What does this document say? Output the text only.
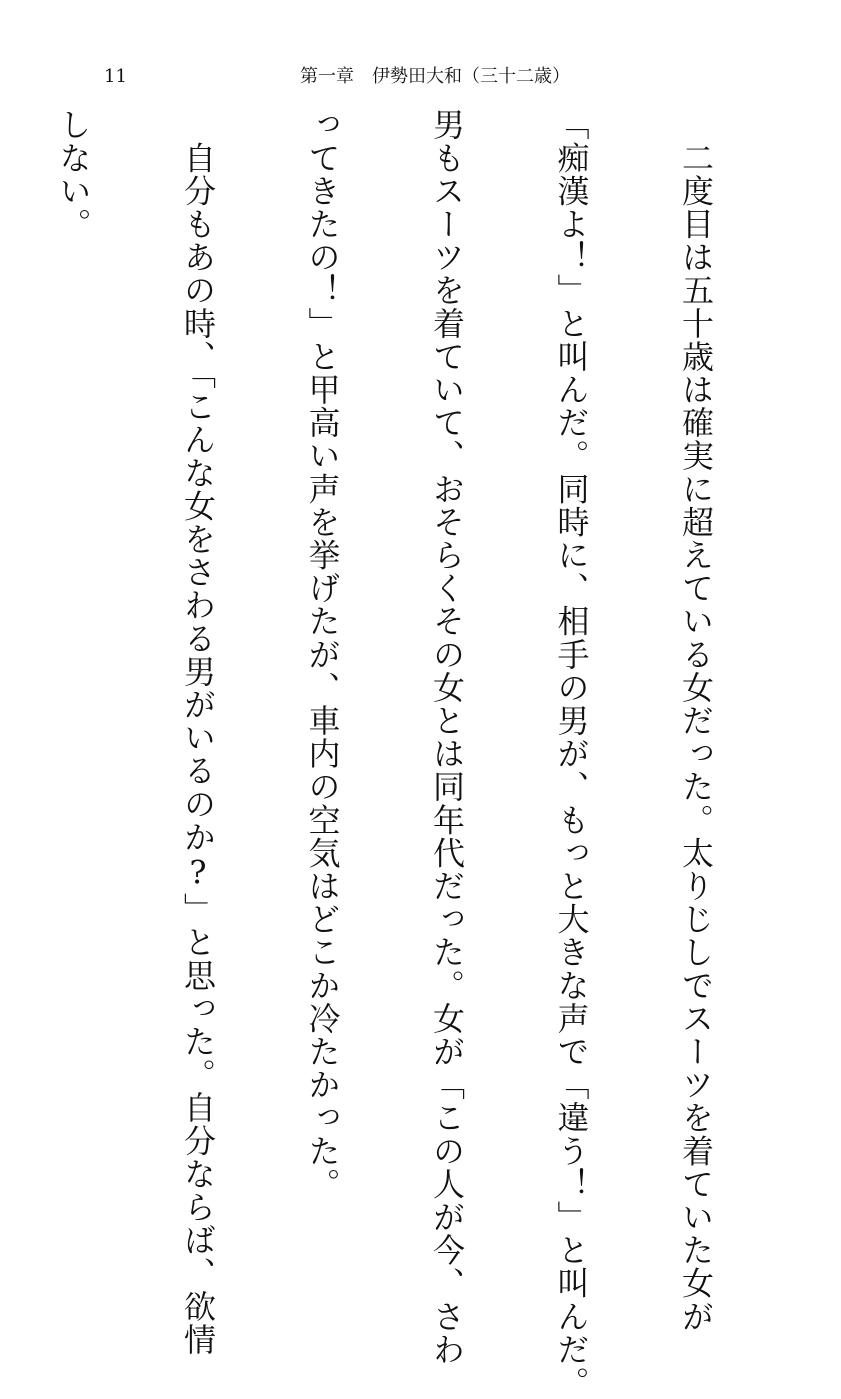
11	第一章　伊勢田大和（三十二歳）

　二度目は五十歳は確実に超えている女だった。太りじしでスーツを着ていた女が

「痴漢よ！」と叫んだ。同時に、相手の男が、もっと大きな声で「違う！」と叫んだ。

男もスーツを着ていて、おそらくその女とは同年代だった。女が「この人が今、さわ

ってきたの！」と甲高い声を挙げたが、車内の空気はどこか冷たかった。

　自分もあの時、「こんな女をさわる男がいるのか?」と思った。自分ならば、欲情

しない。
